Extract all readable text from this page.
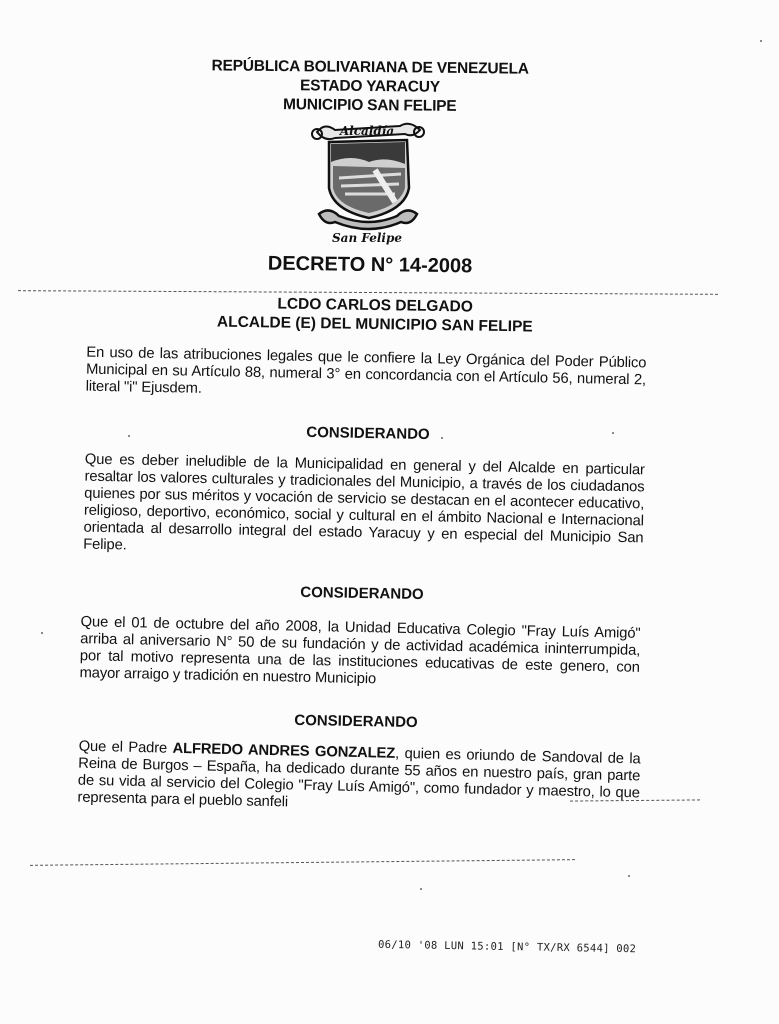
REPÚBLICA BOLIVARIANA DE VENEZUELA
ESTADO YARACUY
MUNICIPIO SAN FELIPE
Alcaldía
San Felipe
DECRETO N° 14-2008
LCDO CARLOS DELGADO
ALCALDE (E) DEL MUNICIPIO SAN FELIPE
En uso de las atribuciones legales que le confiere la Ley Orgánica del Poder Público Municipal en su Artículo 88, numeral 3° en concordancia con el Artículo 56, numeral 2, literal "i" Ejusdem.
CONSIDERANDO
Que es deber ineludible de la Municipalidad en general y del Alcalde en particular resaltar los valores culturales y tradicionales del Municipio, a través de los ciudadanos quienes por sus méritos y vocación de servicio se destacan en el acontecer educativo, religioso, deportivo, económico, social y cultural en el ámbito Nacional e Internacional orientada al desarrollo integral del estado Yaracuy y en especial del Municipio San Felipe.
CONSIDERANDO
Que el 01 de octubre del año 2008, la Unidad Educativa Colegio "Fray Luís Amigó" arriba al aniversario N° 50 de su fundación y de actividad académica ininterrumpida, por tal motivo representa una de las instituciones educativas de este genero, con mayor arraigo y tradición en nuestro Municipio
CONSIDERANDO
Que el Padre ALFREDO ANDRES GONZALEZ, quien es oriundo de Sandoval de la Reina de Burgos – España, ha dedicado durante 55 años en nuestro país, gran parte de su vida al servicio del Colegio "Fray Luís Amigó", como fundador y maestro, lo que representa para el pueblo sanfeli
06/10 '08 LUN 15:01 [N° TX/RX 6544] 002
